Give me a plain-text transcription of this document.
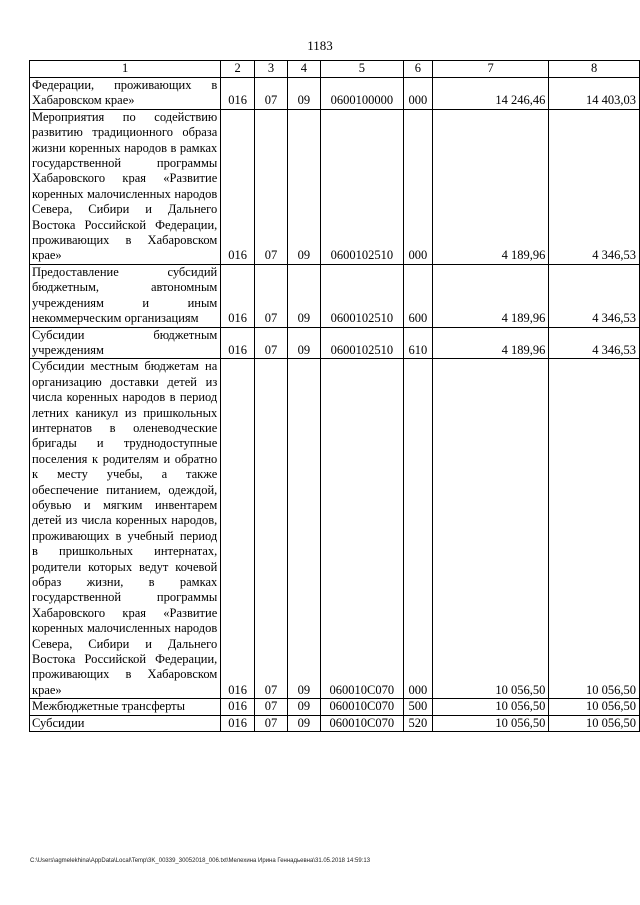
1183
1	2	3	4	5	6	7	8
Федерации, проживающих в Хабаровском крае»	016	07	09	0600100000	000	14 246,46	14 403,03
Мероприятия по содействию развитию традиционного образа жизни коренных народов в рамках государственной программы Хабаровского края «Развитие коренных малочисленных народов Севера, Сибири и Дальнего Востока Российской Федерации, проживающих в Хабаровском крае»	016	07	09	0600102510	000	4 189,96	4 346,53
Предоставление субсидий бюджетным, автономным учреждениям и иным некоммерческим организациям	016	07	09	0600102510	600	4 189,96	4 346,53
Субсидии бюджетным учреждениям	016	07	09	0600102510	610	4 189,96	4 346,53
Субсидии местным бюджетам на организацию доставки детей из числа коренных народов в период летних каникул из пришкольных интернатов в оленеводческие бригады и труднодоступные поселения к родителям и обратно к месту учебы, а также обеспечение питанием, одеждой, обувью и мягким инвентарем детей из числа коренных народов, проживающих в учебный период в пришкольных интернатах, родители которых ведут кочевой образ жизни, в рамках государственной программы Хабаровского края «Развитие коренных малочисленных народов Севера, Сибири и Дальнего Востока Российской Федерации, проживающих в Хабаровском крае»	016	07	09	060010С070	000	10 056,50	10 056,50
Межбюджетные трансферты	016	07	09	060010С070	500	10 056,50	10 056,50
Субсидии	016	07	09	060010С070	520	10 056,50	10 056,50
C:\Users\agmelekhina\AppData\Local\Temp\3K_00339_30052018_006.txt\Мелехина Ирина Геннадьевна\31.05.2018 14:59:13
